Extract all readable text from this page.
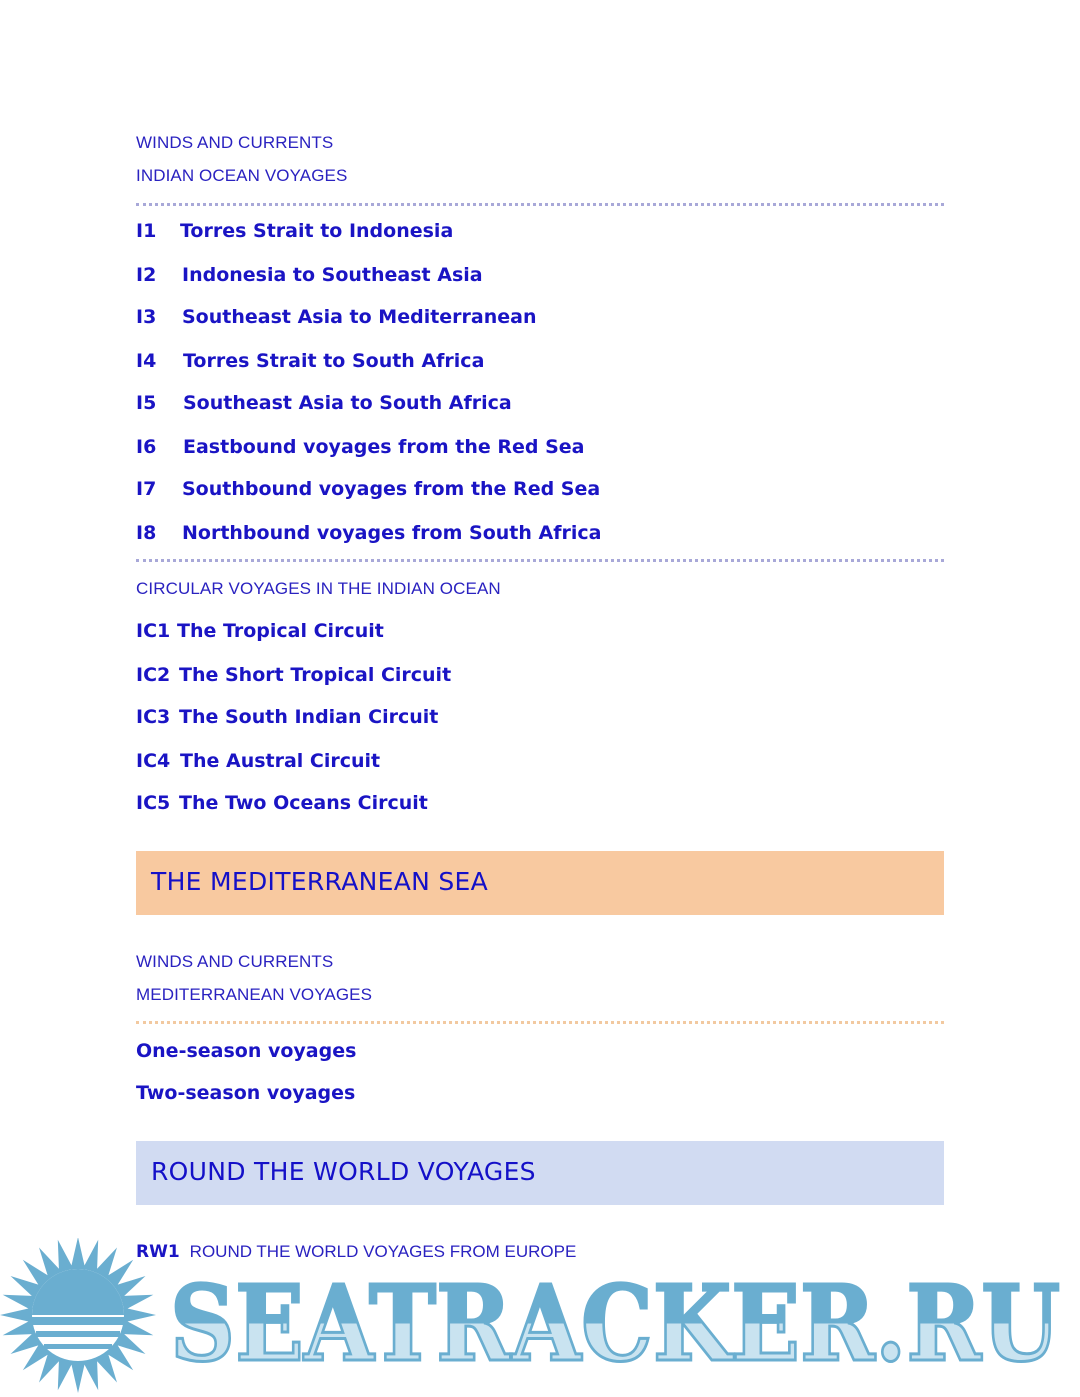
WINDS AND CURRENTS
INDIAN OCEAN VOYAGES
I1 Torres Strait to Indonesia
I2 Indonesia to Southeast Asia
I3 Southeast Asia to Mediterranean
I4 Torres Strait to South Africa
I5 Southeast Asia to South Africa
I6 Eastbound voyages from the Red Sea
I7 Southbound voyages from the Red Sea
I8 Northbound voyages from South Africa
CIRCULAR VOYAGES IN THE INDIAN OCEAN
IC1 The Tropical Circuit
IC2 The Short Tropical Circuit
IC3 The South Indian Circuit
IC4 The Austral Circuit
IC5 The Two Oceans Circuit
THE MEDITERRANEAN SEA
WINDS AND CURRENTS
MEDITERRANEAN VOYAGES
One-season voyages
Two-season voyages
ROUND THE WORLD VOYAGES
RW1 ROUND THE WORLD VOYAGES FROM EUROPE
SEATRACKER.RU
